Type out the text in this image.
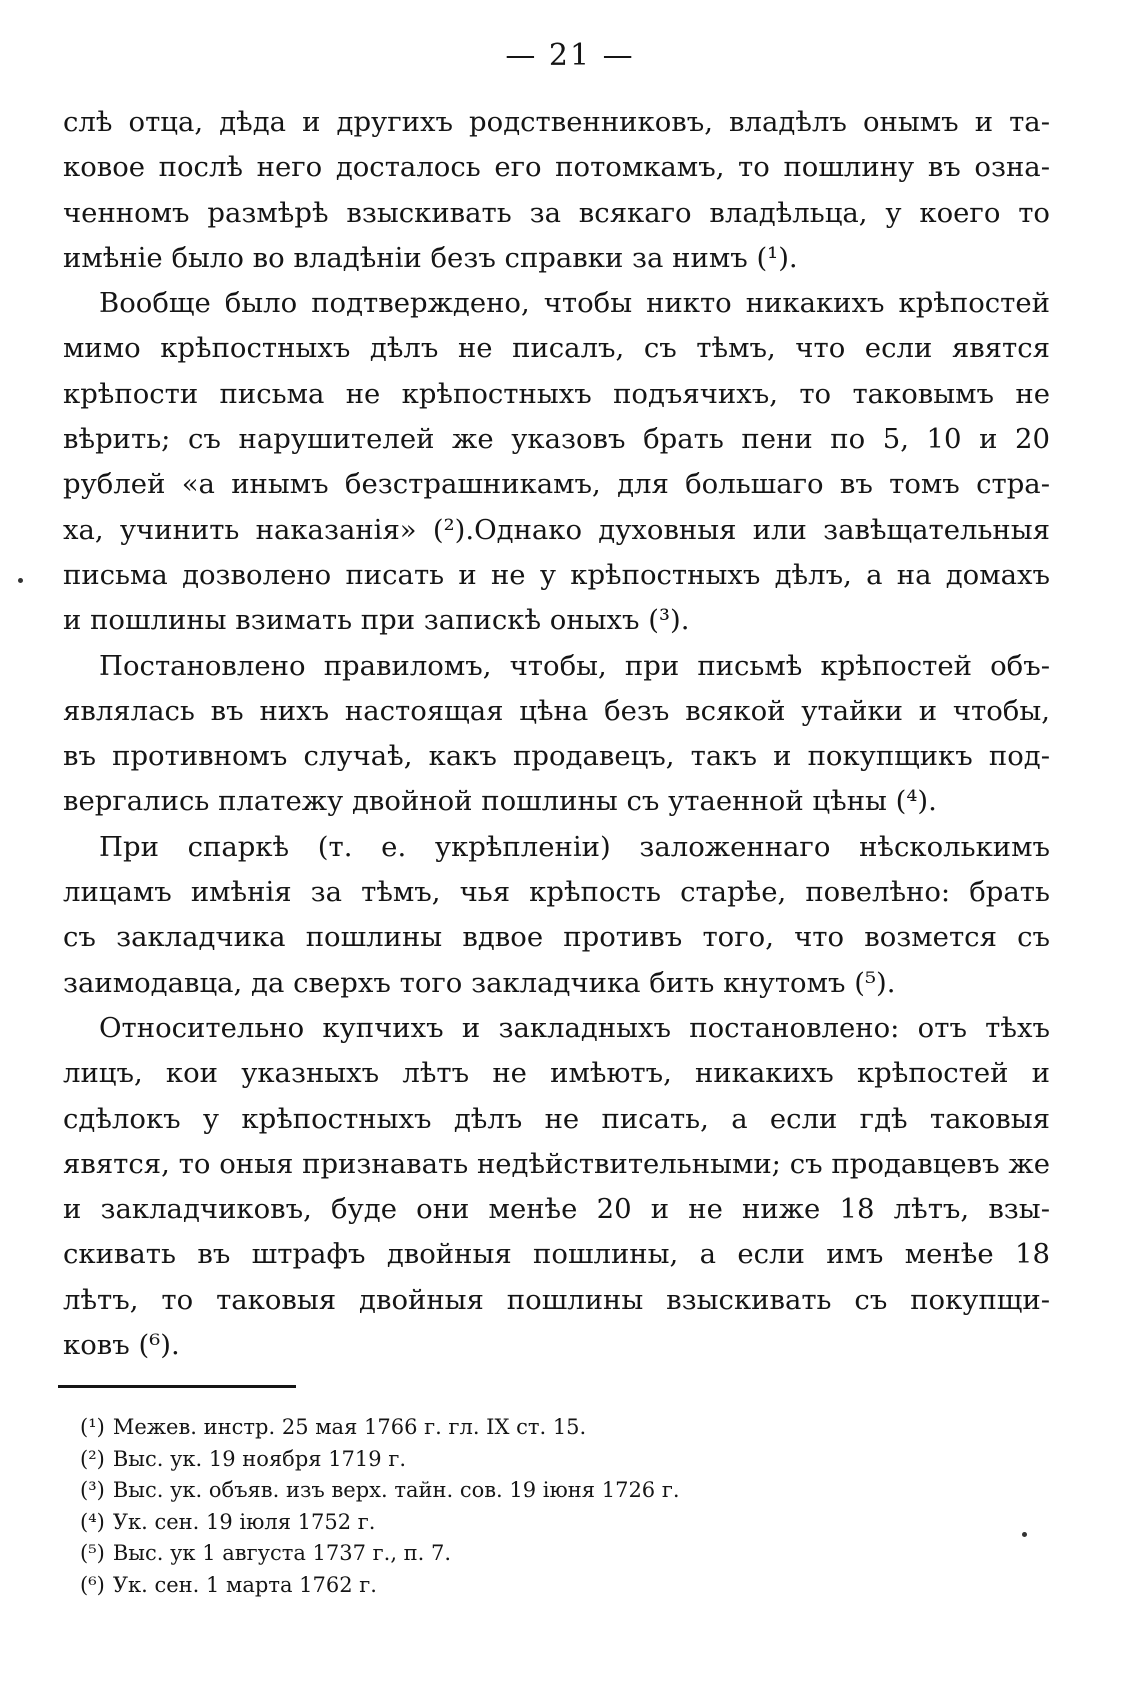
— 21 —
слѣ отца, дѣда и другихъ родственниковъ, владѣлъ онымъ и та-
ковое послѣ него досталось его потомкамъ, то пошлину въ озна-
ченномъ размѣрѣ взыскивать за всякаго владѣльца, у коего то
имѣніе было во владѣніи безъ справки за нимъ (¹).
Вообще было подтверждено, чтобы никто никакихъ крѣпостей
мимо крѣпостныхъ дѣлъ не писалъ, съ тѣмъ, что если явятся
крѣпости письма не крѣпостныхъ подъячихъ, то таковымъ не
вѣрить; съ нарушителей же указовъ брать пени по 5, 10 и 20
рублей «а инымъ безстрашникамъ, для большаго въ томъ стра-
ха, учинить наказанія» (²).Однако духовныя или завѣщательныя
письма дозволено писать и не у крѣпостныхъ дѣлъ, а на домахъ
и пошлины взимать при запискѣ оныхъ (³).
Постановлено правиломъ, чтобы, при письмѣ крѣпостей объ-
являлась въ нихъ настоящая цѣна безъ всякой утайки и чтобы,
въ противномъ случаѣ, какъ продавецъ, такъ и покупщикъ под-
вергались платежу двойной пошлины съ утаенной цѣны (⁴).
При спаркѣ (т. е. укрѣпленіи) заложеннаго нѣсколькимъ
лицамъ имѣнія за тѣмъ, чья крѣпость старѣе, повелѣно: брать
съ закладчика пошлины вдвое противъ того, что возмется съ
заимодавца, да сверхъ того закладчика бить кнутомъ (⁵).
Относительно купчихъ и закладныхъ постановлено: отъ тѣхъ
лицъ, кои указныхъ лѣтъ не имѣютъ, никакихъ крѣпостей и
сдѣлокъ у крѣпостныхъ дѣлъ не писать, а если гдѣ таковыя
явятся, то оныя признавать недѣйствительными; съ продавцевъ же
и закладчиковъ, буде они менѣе 20 и не ниже 18 лѣтъ, взы-
скивать въ штрафъ двойныя пошлины, а если имъ менѣе 18
лѣтъ, то таковыя двойныя пошлины взыскивать съ покупщи-
ковъ (⁶).
(¹) Межев. инстр. 25 мая 1766 г. гл. IX ст. 15.
(²) Выс. ук. 19 ноября 1719 г.
(³) Выс. ук. объяв. изъ верх. тайн. сов. 19 іюня 1726 г.
(⁴) Ук. сен. 19 іюля 1752 г.
(⁵) Выс. ук 1 августа 1737 г., п. 7.
(⁶) Ук. сен. 1 марта 1762 г.
